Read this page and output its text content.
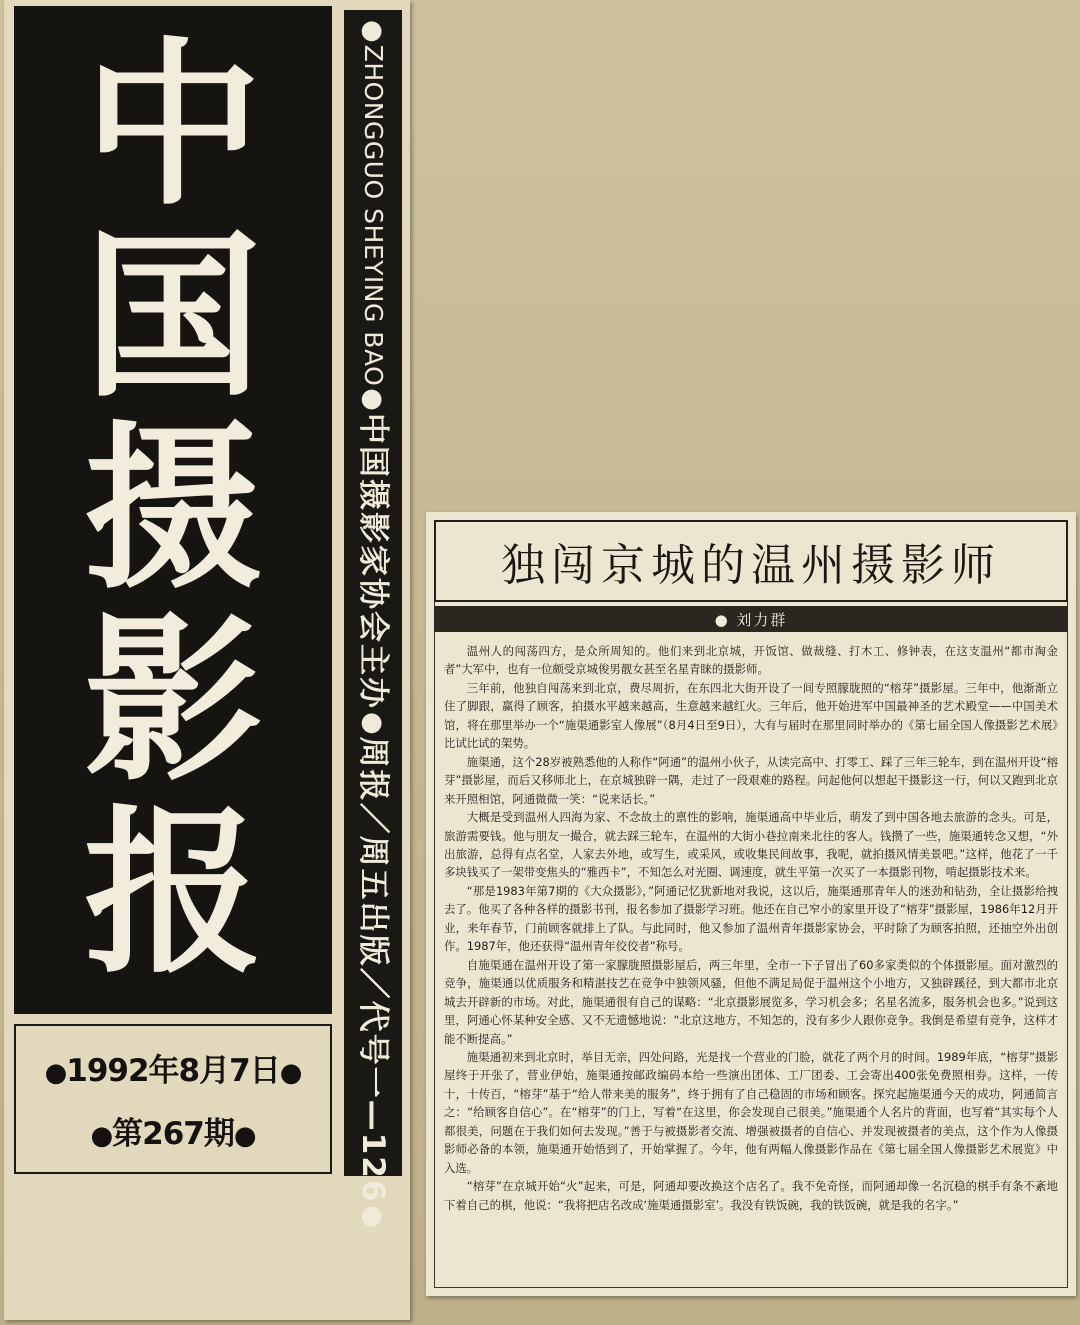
中
国
摄
影
报
●1992年8月7日●
●第267期●
●
ZHONGGUO SHEYING BAO
●
中国摄影家协会主办
●
周报／周五出版／代号一—126
●
独闯京城的温州摄影师
● 刘力群

温州人的闯荡四方，是众所周知的。他们来到北京城，开饭馆、做裁缝、打木工、修钟表，在这支温州“都市淘金者”大军中，也有一位颇受京城俊男靓女甚至名星青睐的摄影师。

三年前，他独自闯荡来到北京，费尽周折，在东四北大街开设了一间专照朦胧照的“榕芽”摄影屋。三年中，他渐渐立住了脚跟，赢得了顾客，拍摄水平越来越高，生意越来越红火。三年后，他开始进军中国最神圣的艺术殿堂——中国美术馆，将在那里举办一个“施渠通影室人像展”（8月4日至9日），大有与届时在那里同时举办的《第七届全国人像摄影艺术展》比试比试的架势。

施渠通，这个28岁被熟悉他的人称作“阿通”的温州小伙子，从读完高中、打零工、踩了三年三轮车，到在温州开设“榕芽”摄影屋，而后又移师北上，在京城独辟一隅，走过了一段艰难的路程。问起他何以想起干摄影这一行，何以又跑到北京来开照相馆，阿通微微一笑：“说来话长。”

大概是受到温州人四海为家、不念故土的禀性的影响，施渠通高中毕业后，萌发了到中国各地去旅游的念头。可是，旅游需要钱。他与朋友一撮合，就去踩三轮车，在温州的大街小巷拉南来北往的客人。钱攒了一些，施渠通转念又想，“外出旅游，总得有点名堂，人家去外地，或写生，或采风，或收集民间故事，我呢，就拍摄风情美景吧。”这样，他花了一千多块钱买了一架带变焦头的“雅西卡”，不知怎么对光圈、调速度，就生平第一次买了一本摄影刊物，啃起摄影技术来。

“那是1983年第7期的《大众摄影》，”阿通记忆犹新地对我说，这以后，施渠通那青年人的迷劲和钻劲，全让摄影给拽去了。他买了各种各样的摄影书刊，报名参加了摄影学习班。他还在自己窄小的家里开设了“榕芽”摄影屋，1986年12月开业，来年春节，门前顾客就排上了队。与此同时，他又参加了温州青年摄影家协会，平时除了为顾客拍照，还抽空外出创作。1987年，他还获得“温州青年佼佼者”称号。

自施渠通在温州开设了第一家朦胧照摄影屋后，两三年里，全市一下子冒出了60多家类似的个体摄影屋。面对激烈的竞争，施渠通以优质服务和精湛技艺在竞争中独领风骚，但他不满足局促于温州这个小地方，又独辟蹊径，到大都市北京城去开辟新的市场。对此，施渠通很有自己的谋略：“北京摄影展览多，学习机会多；名星名流多，服务机会也多。”说到这里，阿通心怀某种安全感、又不无遗憾地说：“北京这地方，不知怎的，没有多少人跟你竞争。我倒是希望有竞争，这样才能不断提高。”

施渠通初来到北京时，举目无亲，四处问路，光是找一个营业的门脸，就花了两个月的时间。1989年底，“榕芽”摄影屋终于开张了，营业伊始，施渠通按邮政编码本给一些演出团体、工厂团委、工会寄出400张免费照相券。这样，一传十，十传百，“榕芽”基于“给人带来美的服务”，终于拥有了自己稳固的市场和顾客。探究起施渠通今天的成功，阿通简言之：“给顾客自信心”。在“榕芽”的门上，写着“在这里，你会发现自己很美。”施渠通个人名片的背面，也写着“其实每个人都很美，问题在于我们如何去发现。”善于与被摄影者交流、增强被摄者的自信心、并发现被摄者的美点，这个作为人像摄影师必备的本领，施渠通开始悟到了，开始掌握了。今年，他有两幅人像摄影作品在《第七届全国人像摄影艺术展览》中入选。

“榕芽”在京城开始“火”起来，可是，阿通却要改换这个店名了。我不免奇怪，而阿通却像一名沉稳的棋手有条不紊地下着自己的棋，他说：“我将把店名改成‘施渠通摄影室’。我没有铁饭碗，我的铁饭碗，就是我的名字。”
